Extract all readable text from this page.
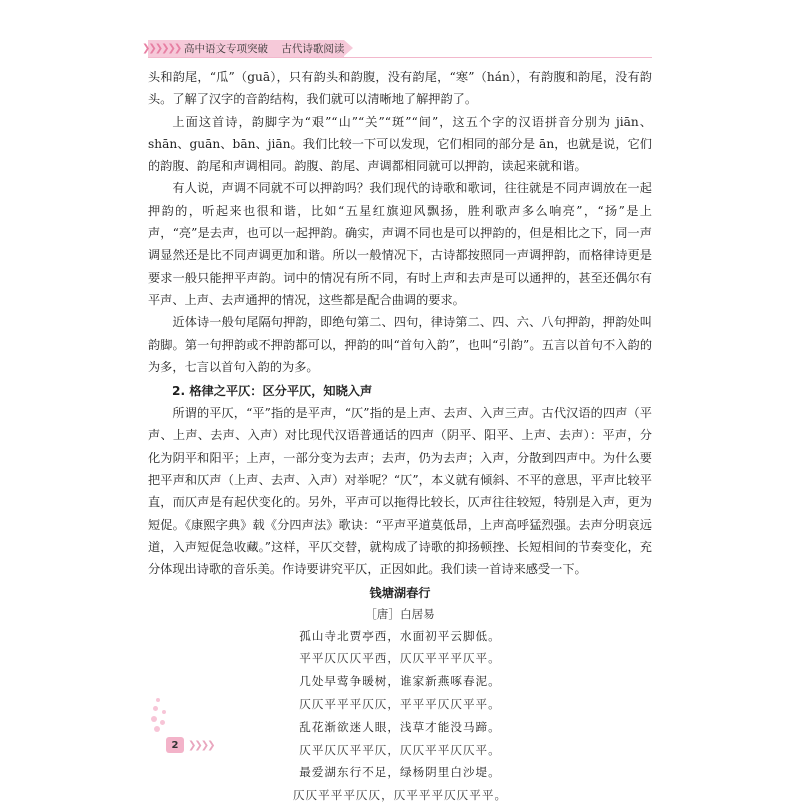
❯❯❯❯❯❯ 高中语文专项突破 古代诗歌阅读

头和韵尾，“瓜”（guā），只有韵头和韵腹，没有韵尾，“寒”（hán），有韵腹和韵尾，没有韵头。了解了汉字的音韵结构，我们就可以清晰地了解押韵了。

上面这首诗，韵脚字为“艰”“山”“关”“斑”“间”，这五个字的汉语拼音分别为 jiān、shān、guān、bān、jiān。我们比较一下可以发现，它们相同的部分是 ān，也就是说，它们的韵腹、韵尾和声调相同。韵腹、韵尾、声调都相同就可以押韵，读起来就和谐。

有人说，声调不同就不可以押韵吗？我们现代的诗歌和歌词，往往就是不同声调放在一起押韵的，听起来也很和谐，比如“五星红旗迎风飘扬，胜利歌声多么响亮”，“扬”是上声，“亮”是去声，也可以一起押韵。确实，声调不同也是可以押韵的，但是相比之下，同一声调显然还是比不同声调更加和谐。所以一般情况下，古诗都按照同一声调押韵，而格律诗更是要求一般只能押平声韵。词中的情况有所不同，有时上声和去声是可以通押的，甚至还偶尔有平声、上声、去声通押的情况，这些都是配合曲调的要求。

近体诗一般句尾隔句押韵，即绝句第二、四句，律诗第二、四、六、八句押韵，押韵处叫韵脚。第一句押韵或不押韵都可以，押韵的叫“首句入韵”，也叫“引韵”。五言以首句不入韵的为多，七言以首句入韵的为多。

2. 格律之平仄：区分平仄，知晓入声

所谓的平仄，“平”指的是平声，“仄”指的是上声、去声、入声三声。古代汉语的四声（平声、上声、去声、入声）对比现代汉语普通话的四声（阴平、阳平、上声、去声）：平声，分化为阴平和阳平；上声，一部分变为去声；去声，仍为去声；入声，分散到四声中。为什么要把平声和仄声（上声、去声、入声）对举呢？“仄”，本义就有倾斜、不平的意思，平声比较平直，而仄声是有起伏变化的。另外，平声可以拖得比较长，仄声往往较短，特别是入声，更为短促。《康熙字典》载《分四声法》歌诀：“平声平道莫低昂，上声高呼猛烈强。去声分明哀远道，入声短促急收藏。”这样，平仄交替，就构成了诗歌的抑扬顿挫、长短相间的节奏变化，充分体现出诗歌的音乐美。作诗要讲究平仄，正因如此。我们读一首诗来感受一下。

钱塘湖春行
［唐］白居易
孤山寺北贾亭西，水面初平云脚低。
平平仄仄仄平西，仄仄平平平仄平。
几处早莺争暖树，谁家新燕啄春泥。
仄仄平平平仄仄，平平平仄仄平平。
乱花渐欲迷人眼，浅草才能没马蹄。
仄平仄仄平平仄，仄仄平平仄仄平。
最爱湖东行不足，绿杨阴里白沙堤。
仄仄平平平仄仄，仄平平平仄仄平平。
2 ❯❯❯❯
